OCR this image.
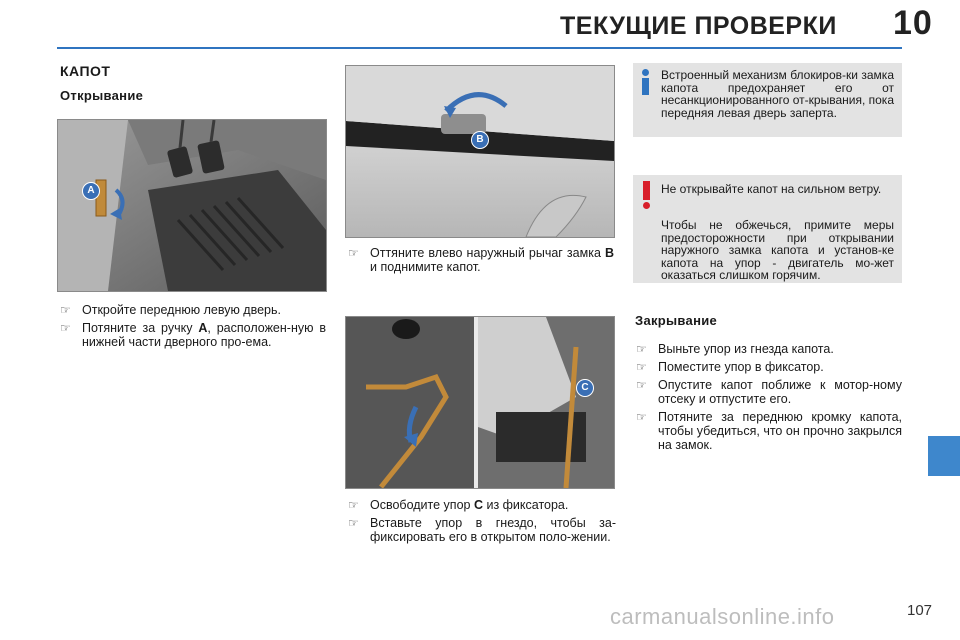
ТЕКУЩИЕ ПРОВЕРКИ 10
КАПОТ
Открывание
A
☞ Откройте переднюю левую дверь.
☞ Потяните за ручку A, расположен-ную в нижней части дверного про-ема.
B
☞ Оттяните влево наружный рычаг замка B и поднимите капот.
C
☞ Освободите упор C из фиксатора.
☞ Вставьте упор в гнездо, чтобы за-фиксировать его в открытом поло-жении.
Встроенный механизм блокиров-ки замка капота предохраняет его от несанкционированного от-крывания, пока передняя левая дверь заперта.
Не открывайте капот на сильном ветру.
Чтобы не обжечься, примите меры предосторожности при открывании наружного замка капота и установ-ке капота на упор - двигатель мо-жет оказаться слишком горячим.
Закрывание
☞ Выньте упор из гнезда капота.
☞ Поместите упор в фиксатор.
☞ Опустите капот поближе к мотор-ному отсеку и отпустите его.
☞ Потяните за переднюю кромку капота, чтобы убедиться, что он прочно закрылся на замок.
107
carmanualsonline.info
